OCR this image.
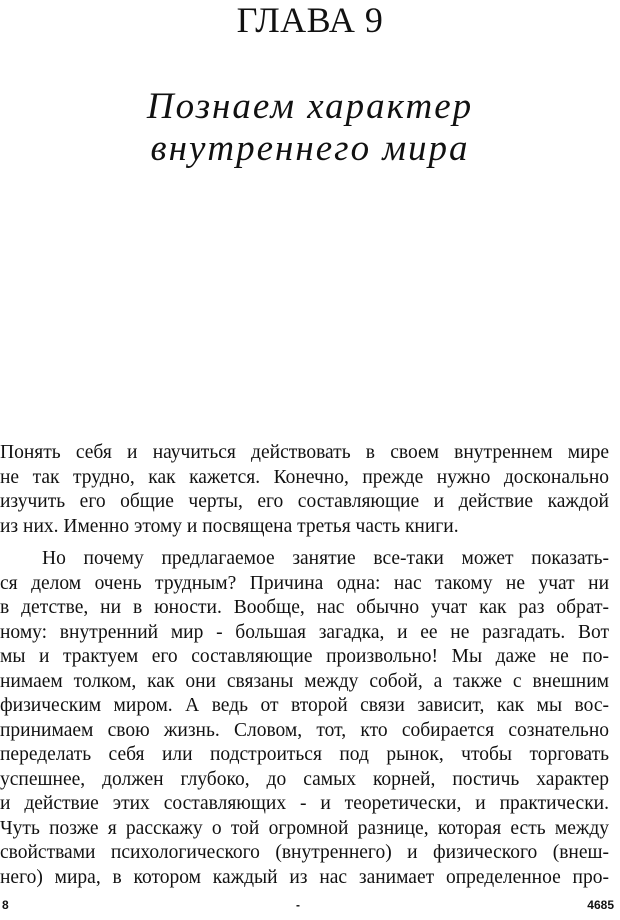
ГЛАВА 9
Познаем характер
внутреннего мира

Понять себя и научиться действовать в своем внутреннем мире
не так трудно, как кажется. Конечно, прежде нужно досконально
изучить его общие черты, его составляющие и действие каждой
из них. Именно этому и посвящена третья часть книги.

Но почему предлагаемое занятие все-таки может показать-
ся делом очень трудным? Причина одна: нас такому не учат ни
в детстве, ни в юности. Вообще, нас обычно учат как раз обрат-
ному: внутренний мир - большая загадка, и ее не разгадать. Вот
мы и трактуем его составляющие произвольно! Мы даже не по-
нимаем толком, как они связаны между собой, а также с внешним
физическим миром. А ведь от второй связи зависит, как мы вос-
принимаем свою жизнь. Словом, тот, кто собирается сознательно
переделать себя или подстроиться под рынок, чтобы торговать
успешнее, должен глубоко, до самых корней, постичь характер
и действие этих составляющих - и теоретически, и практически.
Чуть позже я расскажу о той огромной разнице, которая есть между
свойствами психологического (внутреннего) и физического (внеш-
него) мира, в котором каждый из нас занимает определенное про-

8	-	4685
